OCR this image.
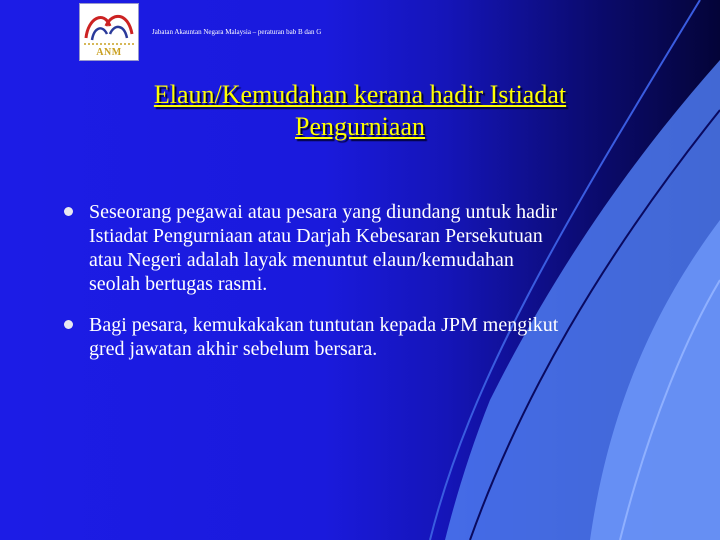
ANM
Jabatan Akauntan Negara Malaysia – peraturan bab B dan G
Elaun/Kemudahan kerana hadir Istiadat
Pengurniaan
Seseorang pegawai atau pesara yang diundang untuk hadir
Istiadat Pengurniaan atau Darjah Kebesaran Persekutuan
atau Negeri adalah layak menuntut elaun/kemudahan
seolah bertugas rasmi.
Bagi pesara, kemukakakan tuntutan kepada JPM mengikut
gred jawatan akhir sebelum bersara.
